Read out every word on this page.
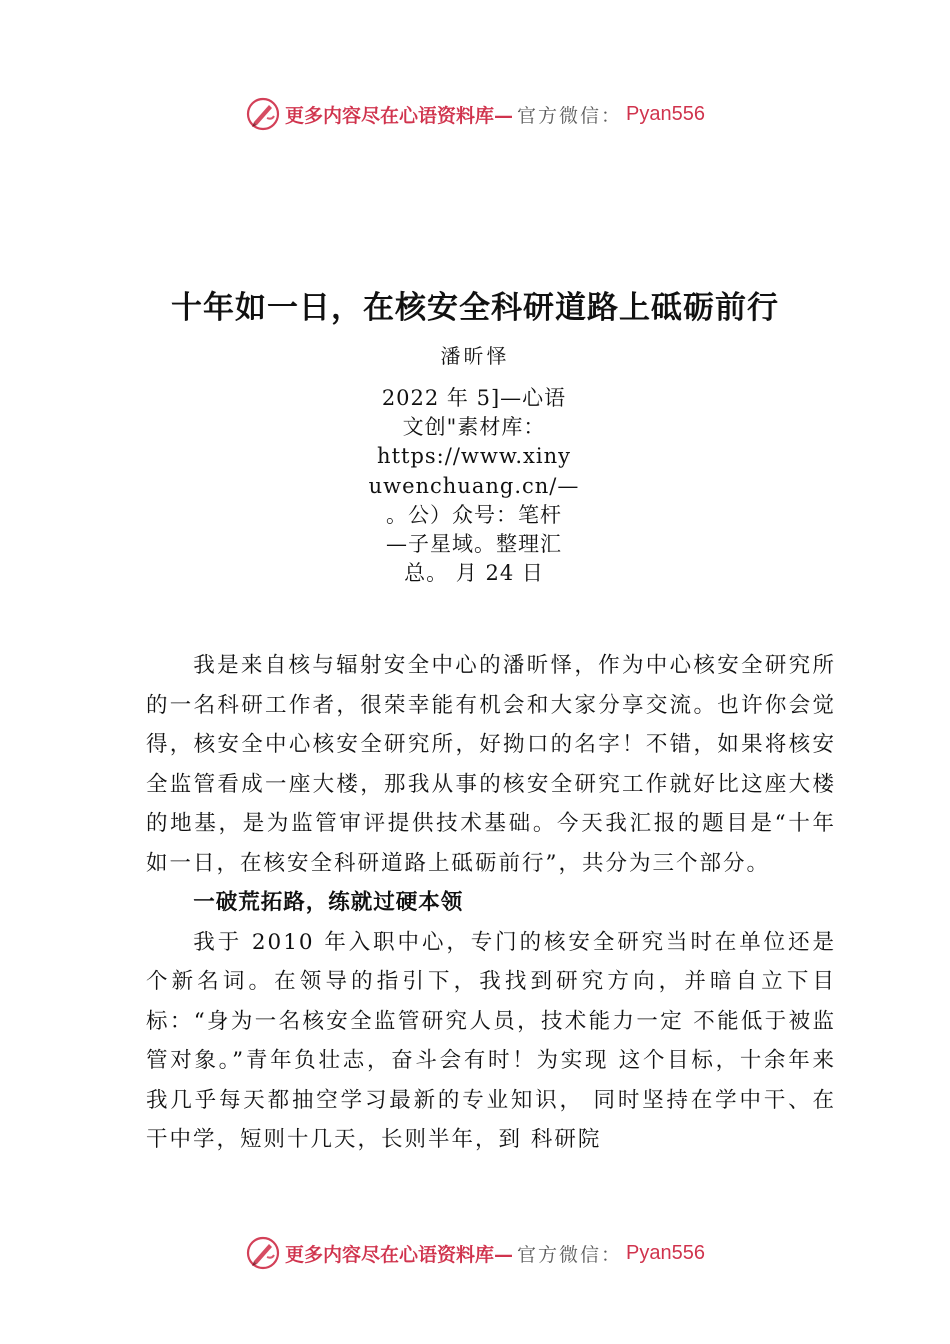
更多内容尽在心语资料库— 官方微信： Pyan556
十年如一日，在核安全科研道路上砥砺前行
潘昕怿
2022 年 5]—心语
文创"素材库：
https://www.xiny
uwenchuang.cn/—
。公）众号：笔杆
—子星域。整理汇
总。 月 24 日

我是来自核与辐射安全中心的潘昕怿，作为中心核安全研究所的一名科研工作者，很荣幸能有机会和大家分享交流。也许你会觉得，核安全中心核安全研究所，好拗口的名字！不错，如果将核安全监管看成一座大楼，那我从事的核安全研究工作就好比这座大楼的地基，是为监管审评提供技术基础。今天我汇报的题目是“十年如一日，在核安全科研道路上砥砺前行”，共分为三个部分。

一破荒拓路，练就过硬本领

我于 2010 年入职中心，专门的核安全研究当时在单位还是个新名词。在领导的指引下，我找到研究方向，并暗自立下目标：“身为一名核安全监管研究人员，技术能力一定 不能低于被监管对象。”青年负壮志，奋斗会有时！为实现 这个目标，十余年来我几乎每天都抽空学习最新的专业知识， 同时坚持在学中干、在干中学，短则十几天，长则半年，到 科研院

更多内容尽在心语资料库— 官方微信： Pyan556
